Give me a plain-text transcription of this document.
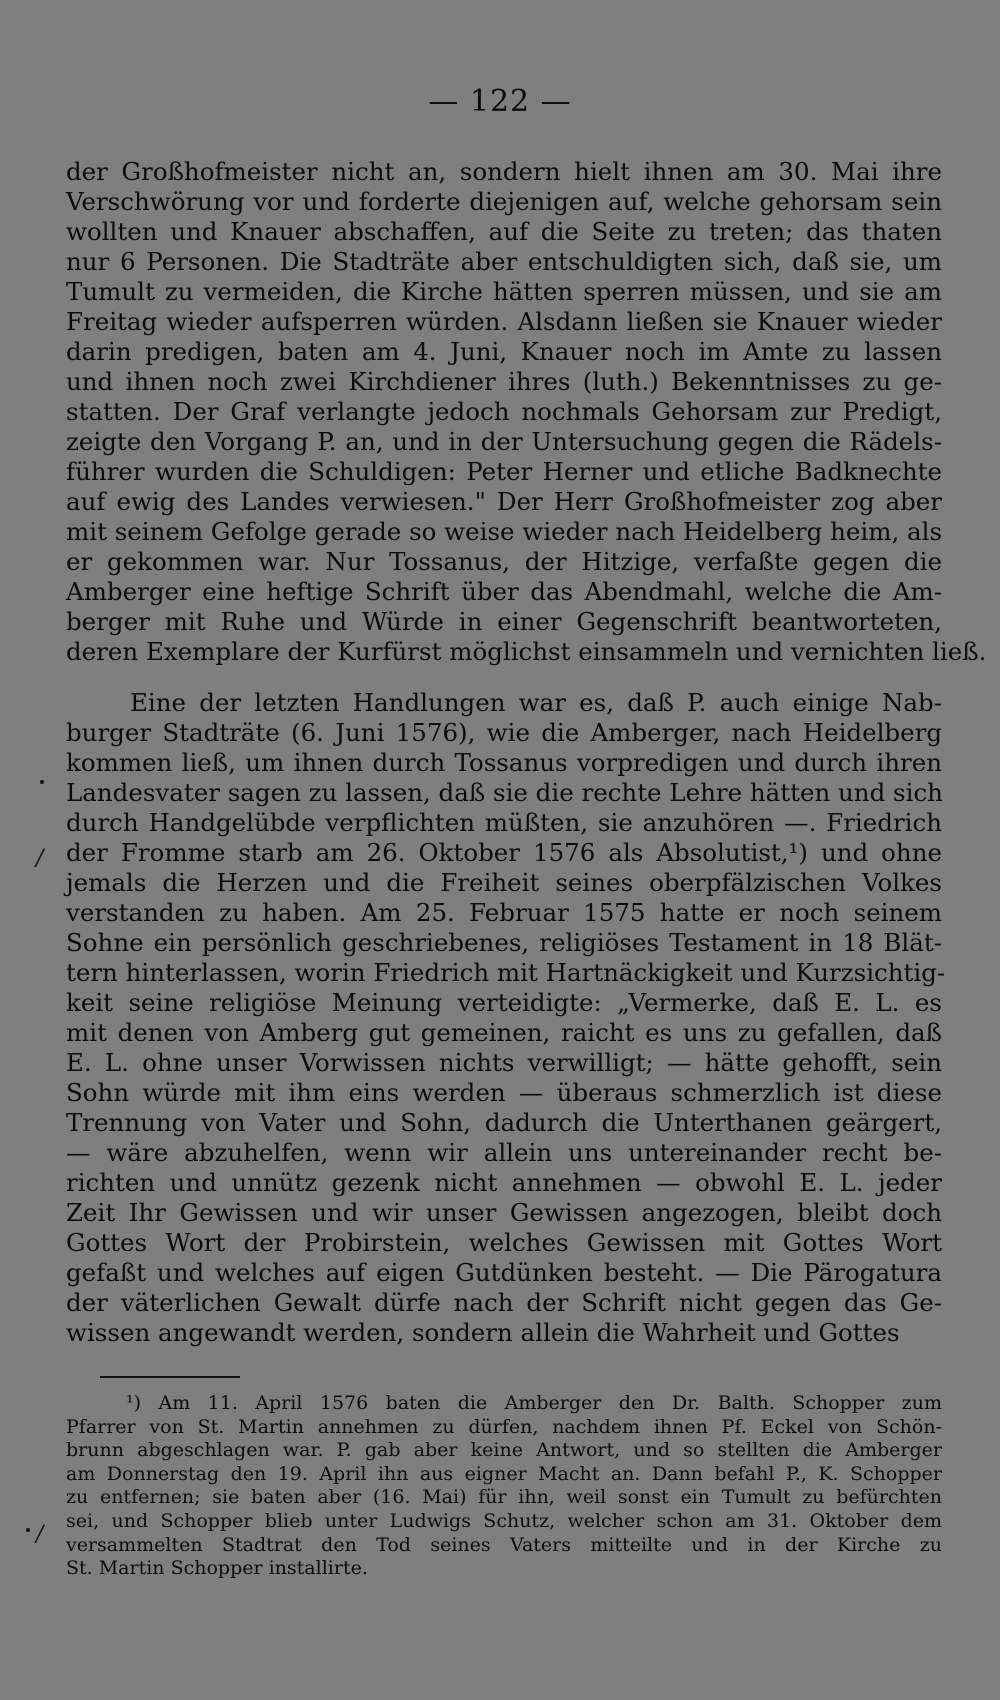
— 122 —
der Großhofmeister nicht an, sondern hielt ihnen am 30. Mai ihre
Verschwörung vor und forderte diejenigen auf, welche gehorsam sein
wollten und Knauer abschaffen, auf die Seite zu treten; das thaten
nur 6 Personen. Die Stadträte aber entschuldigten sich, daß sie, um
Tumult zu vermeiden, die Kirche hätten sperren müssen, und sie am
Freitag wieder aufsperren würden. Alsdann ließen sie Knauer wieder
darin predigen, baten am 4. Juni, Knauer noch im Amte zu lassen
und ihnen noch zwei Kirchdiener ihres (luth.) Bekenntnisses zu ge-
statten. Der Graf verlangte jedoch nochmals Gehorsam zur Predigt,
zeigte den Vorgang P. an, und in der Untersuchung gegen die Rädels-
führer wurden die Schuldigen: Peter Herner und etliche Badknechte
auf ewig des Landes verwiesen." Der Herr Großhofmeister zog aber
mit seinem Gefolge gerade so weise wieder nach Heidelberg heim, als
er gekommen war. Nur Tossanus, der Hitzige, verfaßte gegen die
Amberger eine heftige Schrift über das Abendmahl, welche die Am-
berger mit Ruhe und Würde in einer Gegenschrift beantworteten,
deren Exemplare der Kurfürst möglichst einsammeln und vernichten ließ.
Eine der letzten Handlungen war es, daß P. auch einige Nab-
burger Stadträte (6. Juni 1576), wie die Amberger, nach Heidelberg
kommen ließ, um ihnen durch Tossanus vorpredigen und durch ihren
Landesvater sagen zu lassen, daß sie die rechte Lehre hätten und sich
durch Handgelübde verpflichten müßten, sie anzuhören —. Friedrich
der Fromme starb am 26. Oktober 1576 als Absolutist,¹) und ohne
jemals die Herzen und die Freiheit seines oberpfälzischen Volkes
verstanden zu haben. Am 25. Februar 1575 hatte er noch seinem
Sohne ein persönlich geschriebenes, religiöses Testament in 18 Blät-
tern hinterlassen, worin Friedrich mit Hartnäckigkeit und Kurzsichtig-
keit seine religiöse Meinung verteidigte: „Vermerke, daß E. L. es
mit denen von Amberg gut gemeinen, raicht es uns zu gefallen, daß
E. L. ohne unser Vorwissen nichts verwilligt; — hätte gehofft, sein
Sohn würde mit ihm eins werden — überaus schmerzlich ist diese
Trennung von Vater und Sohn, dadurch die Unterthanen geärgert,
— wäre abzuhelfen, wenn wir allein uns untereinander recht be-
richten und unnütz gezenk nicht annehmen — obwohl E. L. jeder
Zeit Ihr Gewissen und wir unser Gewissen angezogen, bleibt doch
Gottes Wort der Probirstein, welches Gewissen mit Gottes Wort
gefaßt und welches auf eigen Gutdünken besteht. — Die Pärogatura
der väterlichen Gewalt dürfe nach der Schrift nicht gegen das Ge-
wissen angewandt werden, sondern allein die Wahrheit und Gottes
/
/
¹) Am 11. April 1576 baten die Amberger den Dr. Balth. Schopper zum
Pfarrer von St. Martin annehmen zu dürfen, nachdem ihnen Pf. Eckel von Schön-
brunn abgeschlagen war. P. gab aber keine Antwort, und so stellten die Amberger
am Donnerstag den 19. April ihn aus eigner Macht an. Dann befahl P., K. Schopper
zu entfernen; sie baten aber (16. Mai) für ihn, weil sonst ein Tumult zu befürchten
sei, und Schopper blieb unter Ludwigs Schutz, welcher schon am 31. Oktober dem
versammelten Stadtrat den Tod seines Vaters mitteilte und in der Kirche zu
St. Martin Schopper installirte.
